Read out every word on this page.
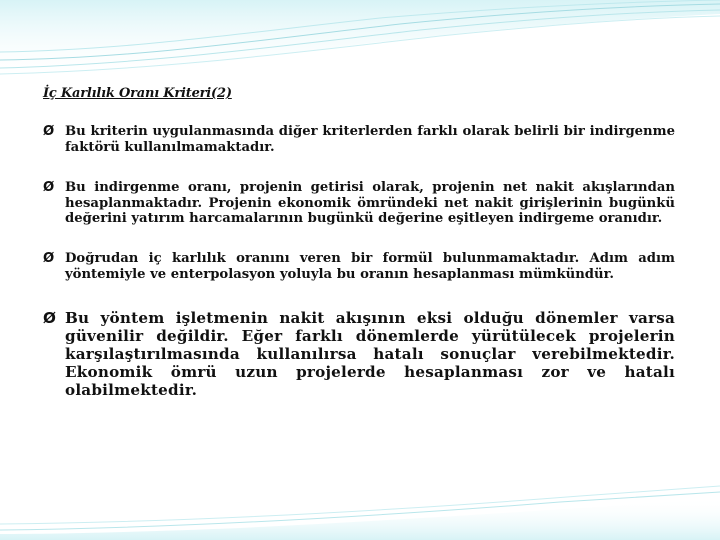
İç Karlılık Oranı Kriteri(2)
Ø Bu kriterin uygulanmasında diğer kriterlerden farklı olarak belirli bir indirgenme faktörü kullanılmamaktadır.
Ø Bu indirgenme oranı, projenin getirisi olarak, projenin net nakit akışlarından hesaplanmaktadır. Projenin ekonomik ömründeki net nakit girişlerinin bugünkü değerini yatırım harcamalarının bugünkü değerine eşitleyen indirgeme oranıdır.
Ø Doğrudan iç karlılık oranını veren bir formül bulunmamaktadır. Adım adım yöntemiyle ve enterpolasyon yoluyla bu oranın hesaplanması mümkündür.
Ø Bu yöntem işletmenin nakit akışının eksi olduğu dönemler varsa güvenilir değildir. Eğer farklı dönemlerde yürütülecek projelerin karşılaştırılmasında kullanılırsa hatalı sonuçlar verebilmektedir. Ekonomik ömrü uzun projelerde hesaplanması zor ve hatalı olabilmektedir.
